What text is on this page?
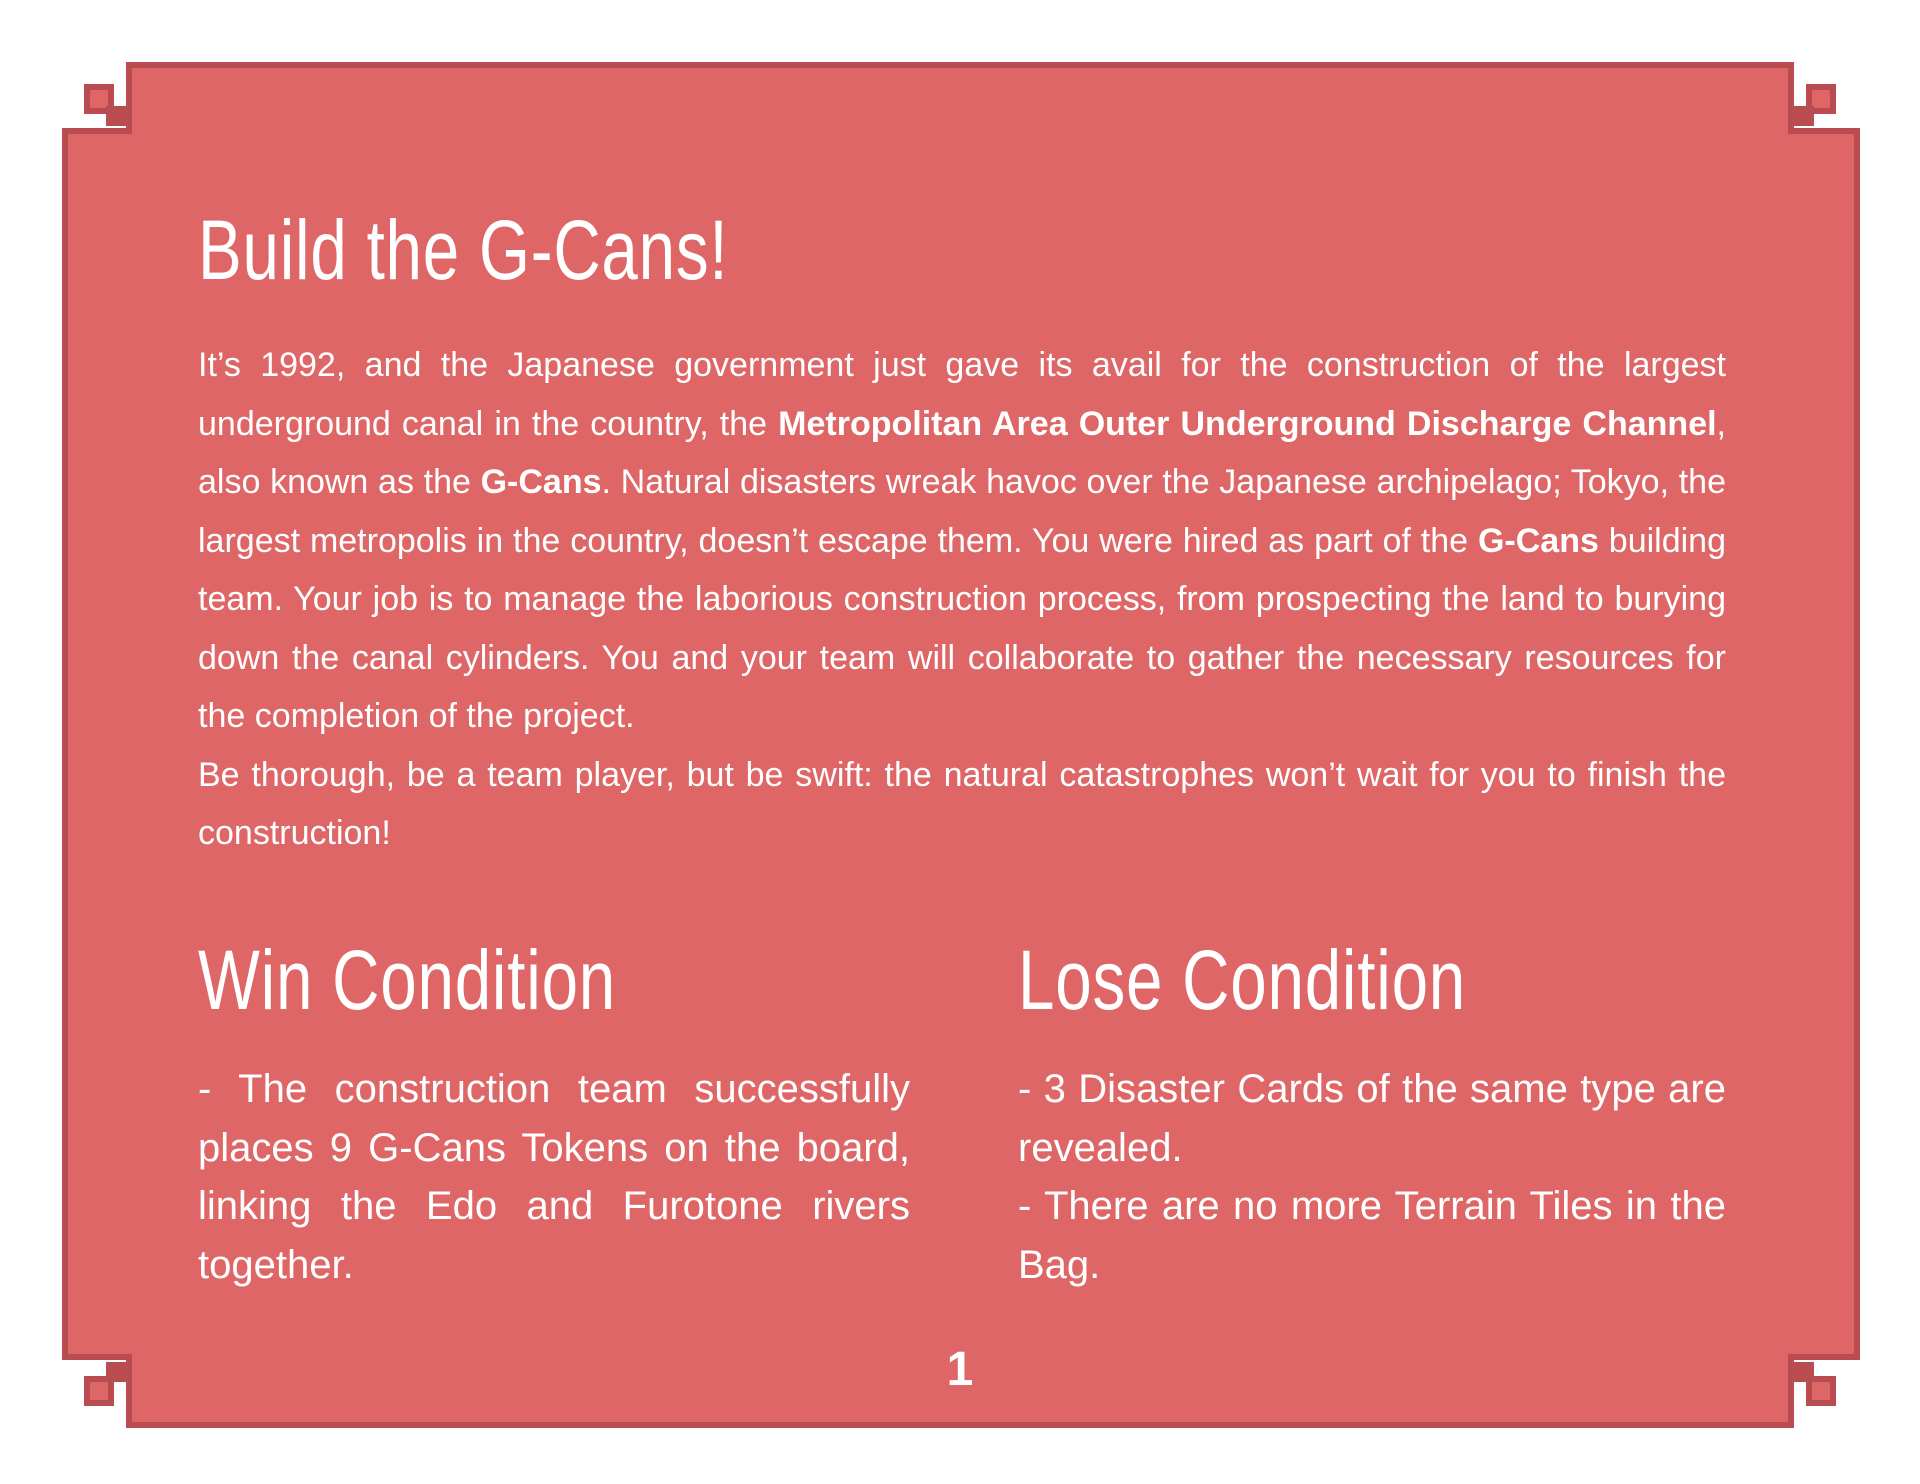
Build the G-Cans!

It’s 1992, and the Japanese government just gave its avail for the construction of the largest underground canal in the country, the Metropolitan Area Outer Underground Discharge Channel, also known as the G-Cans. Natural disasters wreak havoc over the Japanese archipelago; Tokyo, the largest metropolis in the country, doesn’t escape them. You were hired as part of the G-Cans building team. Your job is to manage the laborious construction process, from prospecting the land to burying down the canal cylinders. You and your team will collaborate to gather the necessary resources for the completion of the project.

Be thorough, be a team player, but be swift: the natural catastrophes won’t wait for you to finish the construction!

Win Condition	Lose Condition

- The construction team successfully places 9 G-Cans Tokens on the board, linking the Edo and Furotone rivers together.

- 3 Disaster Cards of the same type are revealed.

- There are no more Terrain Tiles in the Bag.

1
